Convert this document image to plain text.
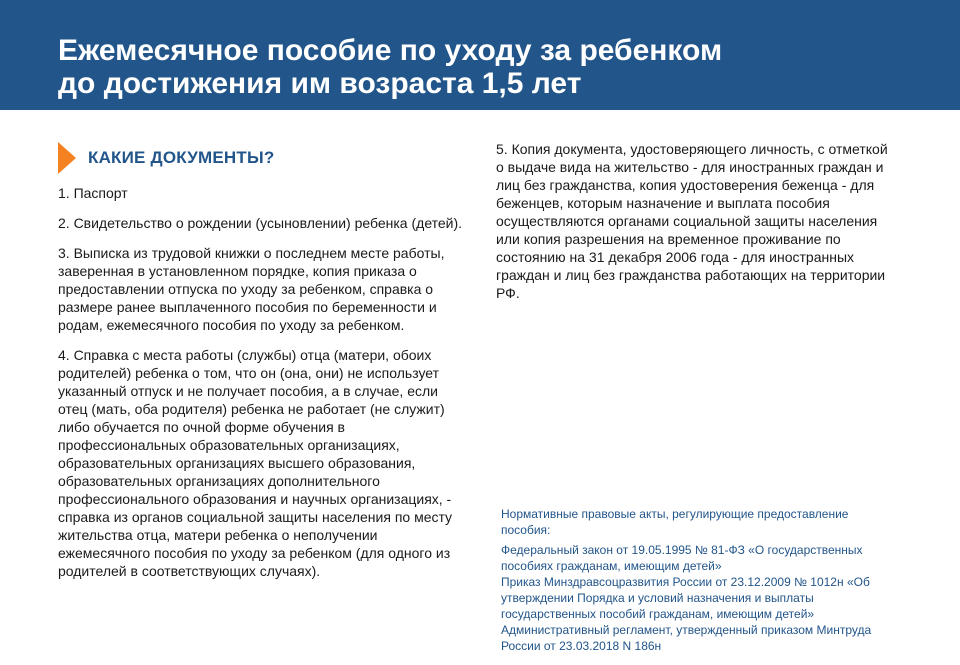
Ежемесячное пособие по уходу за ребенком
до достижения им возраста 1,5 лет
КАКИЕ ДОКУМЕНТЫ?

1. Паспорт

2. Свидетельство о рождении (усыновлении) ребенка (детей).

3. Выписка из трудовой книжки о последнем месте работы, заверенная в установленном порядке, копия приказа о предоставлении отпуска по уходу за ребенком, справка о размере ранее выплаченного пособия по беременности и родам, ежемесячного пособия по уходу за ребенком.

4. Справка с места работы (службы) отца (матери, обоих родителей) ребенка о том, что он (она, они) не использует указанный отпуск и не получает пособия, а в случае, если отец (мать, оба родителя) ребенка не работает (не служит) либо обучается по очной форме обучения в профессиональных образовательных организациях, образовательных организациях высшего образования, образовательных организациях дополнительного профессионального образования и научных организациях, - справка из органов социальной защиты населения по месту жительства отца, матери ребенка о неполучении ежемесячного пособия по уходу за ребенком (для одного из родителей в соответствующих случаях).

5. Копия документа, удостоверяющего личность, с отметкой о выдаче вида на жительство - для иностранных граждан и лиц без гражданства, копия удостоверения беженца - для беженцев, которым назначение и выплата пособия осуществляются органами социальной защиты населения или копия разрешения на временное проживание по состоянию на 31 декабря 2006 года - для иностранных граждан и лиц без гражданства работающих на территории РФ.

Нормативные правовые акты, регулирующие предоставление пособия:

Федеральный закон от 19.05.1995 № 81-ФЗ «О государственных пособиях гражданам, имеющим детей»

Приказ Минздравсоцразвития России от 23.12.2009 № 1012н «Об утверждении Порядка и условий назначения и выплаты государственных пособий гражданам, имеющим детей»

Административный регламент, утвержденный приказом Минтруда России от 23.03.2018 N 186н
